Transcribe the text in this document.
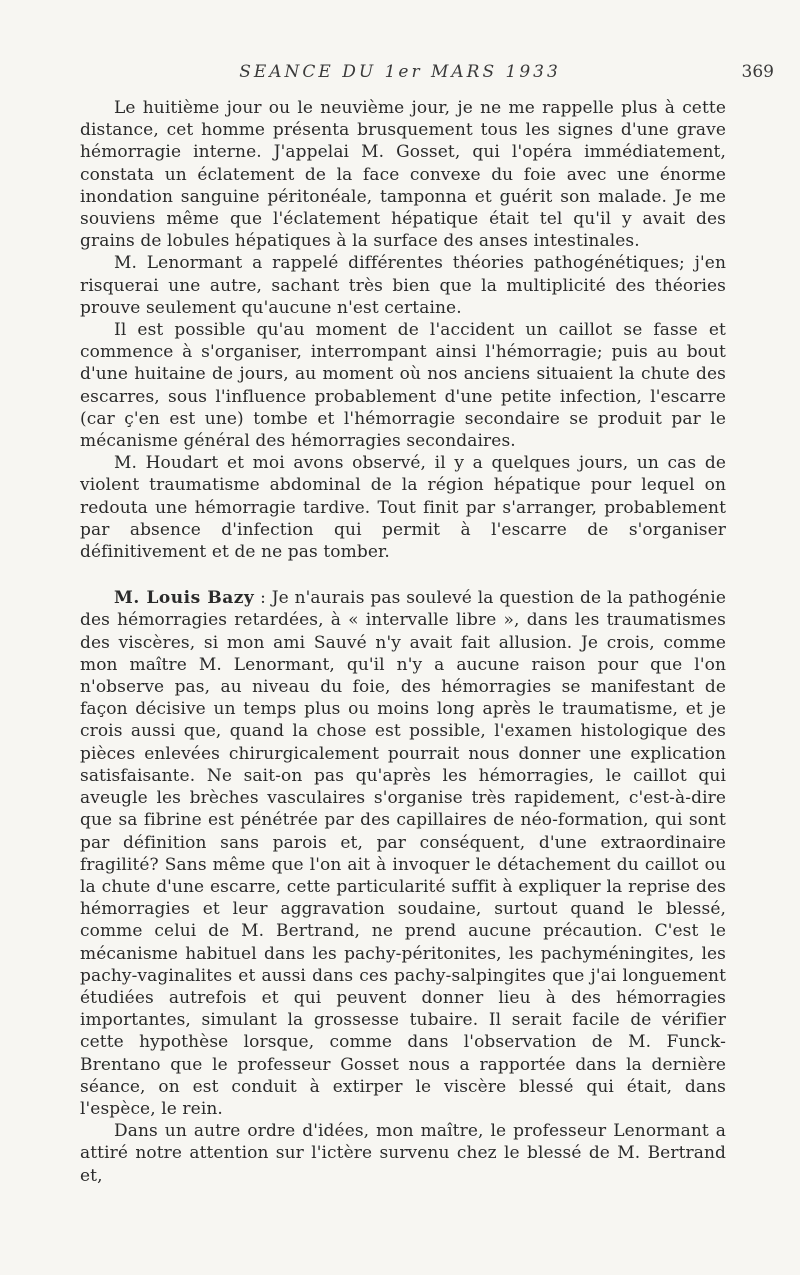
SEANCE DU 1er MARS 1933	369

Le huitième jour ou le neuvième jour, je ne me rappelle plus à cette distance, cet homme présenta brusquement tous les signes d'une grave hémorragie interne. J'appelai M. Gosset, qui l'opéra immédiatement, constata un éclatement de la face convexe du foie avec une énorme inondation sanguine péritonéale, tamponna et guérit son malade. Je me souviens même que l'éclatement hépatique était tel qu'il y avait des grains de lobules hépatiques à la surface des anses intestinales.

M. Lenormant a rappelé différentes théories pathogénétiques; j'en risquerai une autre, sachant très bien que la multiplicité des théories prouve seulement qu'aucune n'est certaine.

Il est possible qu'au moment de l'accident un caillot se fasse et commence à s'organiser, interrompant ainsi l'hémorragie; puis au bout d'une huitaine de jours, au moment où nos anciens situaient la chute des escarres, sous l'influence probablement d'une petite infection, l'escarre (car ç'en est une) tombe et l'hémorragie secondaire se produit par le mécanisme général des hémorragies secondaires.

M. Houdart et moi avons observé, il y a quelques jours, un cas de violent traumatisme abdominal de la région hépatique pour lequel on redouta une hémorragie tardive. Tout finit par s'arranger, probablement par absence d'infection qui permit à l'escarre de s'organiser définitivement et de ne pas tomber.

M. Louis Bazy : Je n'aurais pas soulevé la question de la pathogénie des hémorragies retardées, à « intervalle libre », dans les traumatismes des viscères, si mon ami Sauvé n'y avait fait allusion. Je crois, comme mon maître M. Lenormant, qu'il n'y a aucune raison pour que l'on n'observe pas, au niveau du foie, des hémorragies se manifestant de façon décisive un temps plus ou moins long après le traumatisme, et je crois aussi que, quand la chose est possible, l'examen histologique des pièces enlevées chirurgicalement pourrait nous donner une explication satisfaisante. Ne sait-on pas qu'après les hémorragies, le caillot qui aveugle les brèches vasculaires s'organise très rapidement, c'est-à-dire que sa fibrine est pénétrée par des capillaires de néo-formation, qui sont par définition sans parois et, par conséquent, d'une extraordinaire fragilité? Sans même que l'on ait à invoquer le détachement du caillot ou la chute d'une escarre, cette particularité suffit à expliquer la reprise des hémorragies et leur aggravation soudaine, surtout quand le blessé, comme celui de M. Bertrand, ne prend aucune précaution. C'est le mécanisme habituel dans les pachy-péritonites, les pachyméningites, les pachy-vaginalites et aussi dans ces pachy-salpingites que j'ai longuement étudiées autrefois et qui peuvent donner lieu à des hémorragies importantes, simulant la grossesse tubaire. Il serait facile de vérifier cette hypothèse lorsque, comme dans l'observation de M. Funck-Brentano que le professeur Gosset nous a rapportée dans la dernière séance, on est conduit à extirper le viscère blessé qui était, dans l'espèce, le rein.

Dans un autre ordre d'idées, mon maître, le professeur Lenormant a attiré notre attention sur l'ictère survenu chez le blessé de M. Bertrand et,
